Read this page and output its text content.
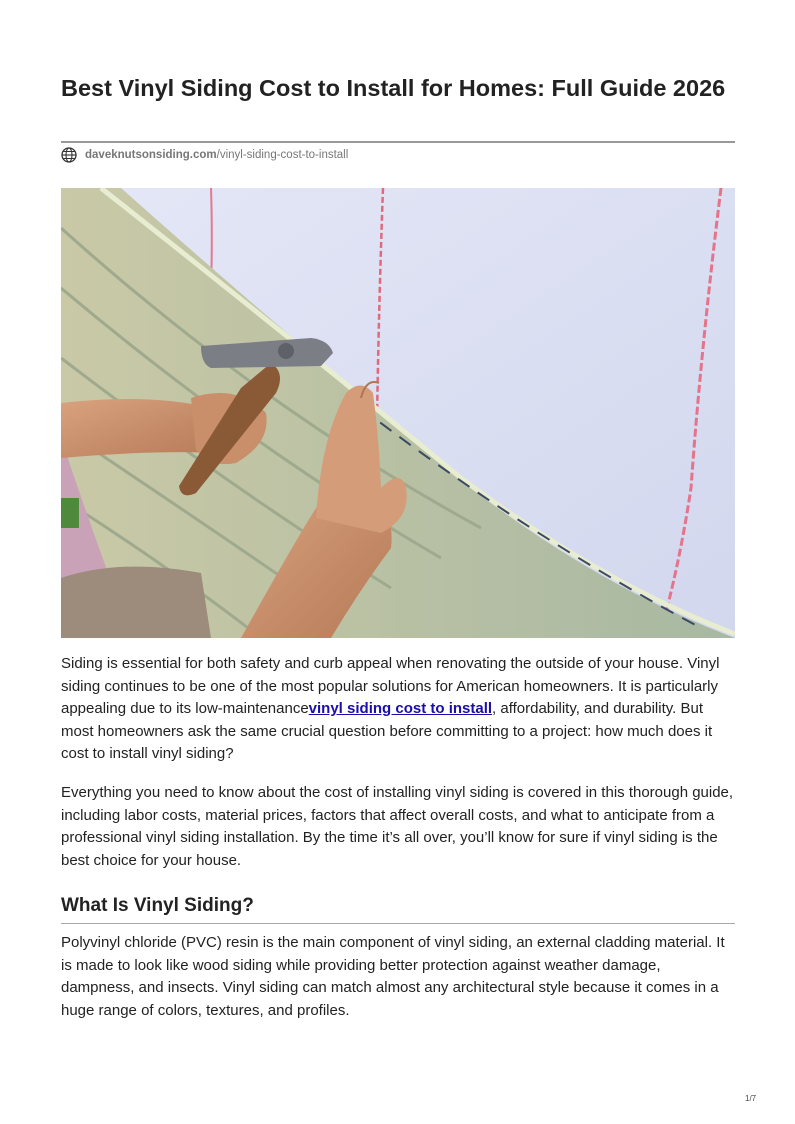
Best Vinyl Siding Cost to Install for Homes: Full Guide 2026
daveknutsonsiding.com /vinyl-siding-cost-to-install

Siding is essential for both safety and curb appeal when renovating the outside of your house. Vinyl siding continues to be one of the most popular solutions for American homeowners. It is particularly appealing due to its low-maintenancevinyl siding cost to install, affordability, and durability. But most homeowners ask the same crucial question before committing to a project: how much does it cost to install vinyl siding?

Everything you need to know about the cost of installing vinyl siding is covered in this thorough guide, including labor costs, material prices, factors that affect overall costs, and what to anticipate from a professional vinyl siding installation. By the time it’s all over, you’ll know for sure if vinyl siding is the best choice for your house.

What Is Vinyl Siding?

Polyvinyl chloride (PVC) resin is the main component of vinyl siding, an external cladding material. It is made to look like wood siding while providing better protection against weather damage, dampness, and insects. Vinyl siding can match almost any architectural style because it comes in a huge range of colors, textures, and profiles.

1/7
